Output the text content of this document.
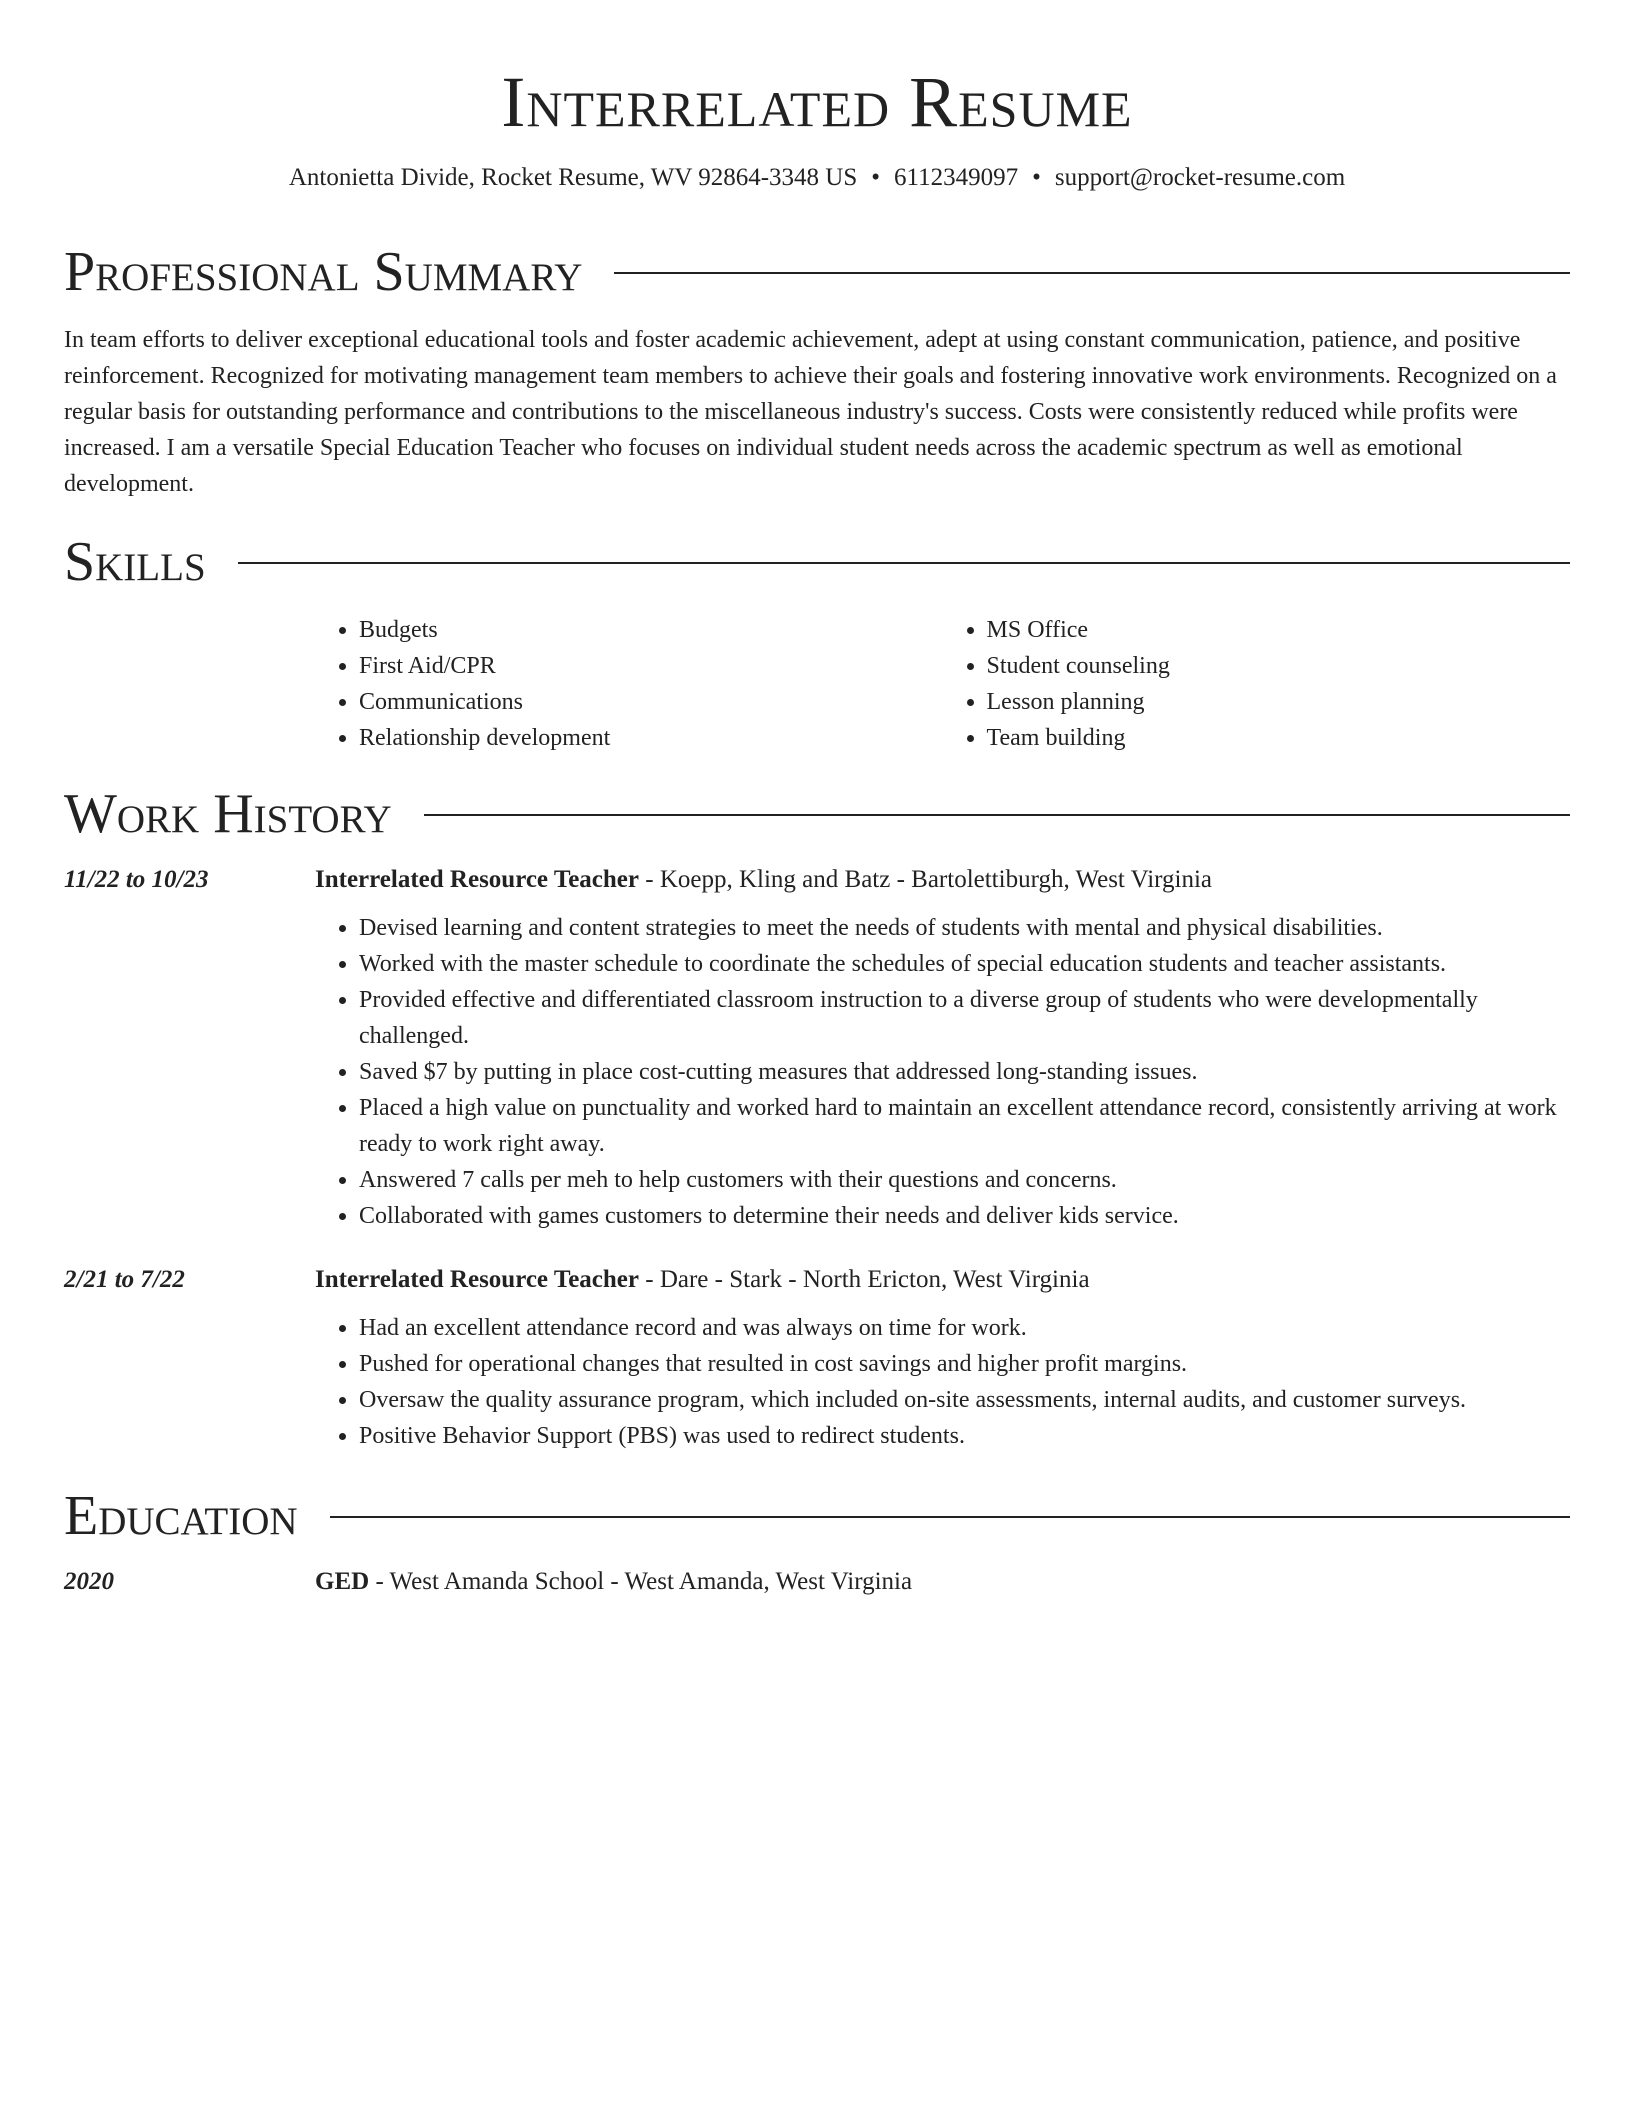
Interrelated Resume
Antonietta Divide, Rocket Resume, WV 92864-3348 US • 6112349097 • support@rocket-resume.com
Professional Summary

In team efforts to deliver exceptional educational tools and foster academic achievement, adept at using constant communication, patience, and positive reinforcement. Recognized for motivating management team members to achieve their goals and fostering innovative work environments. Recognized on a regular basis for outstanding performance and contributions to the miscellaneous industry's success. Costs were consistently reduced while profits were increased. I am a versatile Special Education Teacher who focuses on individual student needs across the academic spectrum as well as emotional development.

Skills
• Budgets
• First Aid/CPR
• Communications
• Relationship development
• MS Office
• Student counseling
• Lesson planning
• Team building
Work History
11/22 to 10/23	Interrelated Resource Teacher - Koepp, Kling and Batz - Bartolettiburgh, West Virginia
• Devised learning and content strategies to meet the needs of students with mental and physical disabilities.
• Worked with the master schedule to coordinate the schedules of special education students and teacher assistants.
• Provided effective and differentiated classroom instruction to a diverse group of students who were developmentally challenged.
• Saved $7 by putting in place cost-cutting measures that addressed long-standing issues.
• Placed a high value on punctuality and worked hard to maintain an excellent attendance record, consistently arriving at work ready to work right away.
• Answered 7 calls per meh to help customers with their questions and concerns.
• Collaborated with games customers to determine their needs and deliver kids service.
2/21 to 7/22	Interrelated Resource Teacher - Dare - Stark - North Ericton, West Virginia
• Had an excellent attendance record and was always on time for work.
• Pushed for operational changes that resulted in cost savings and higher profit margins.
• Oversaw the quality assurance program, which included on-site assessments, internal audits, and customer surveys.
• Positive Behavior Support (PBS) was used to redirect students.
Education
2020	GED - West Amanda School - West Amanda, West Virginia
